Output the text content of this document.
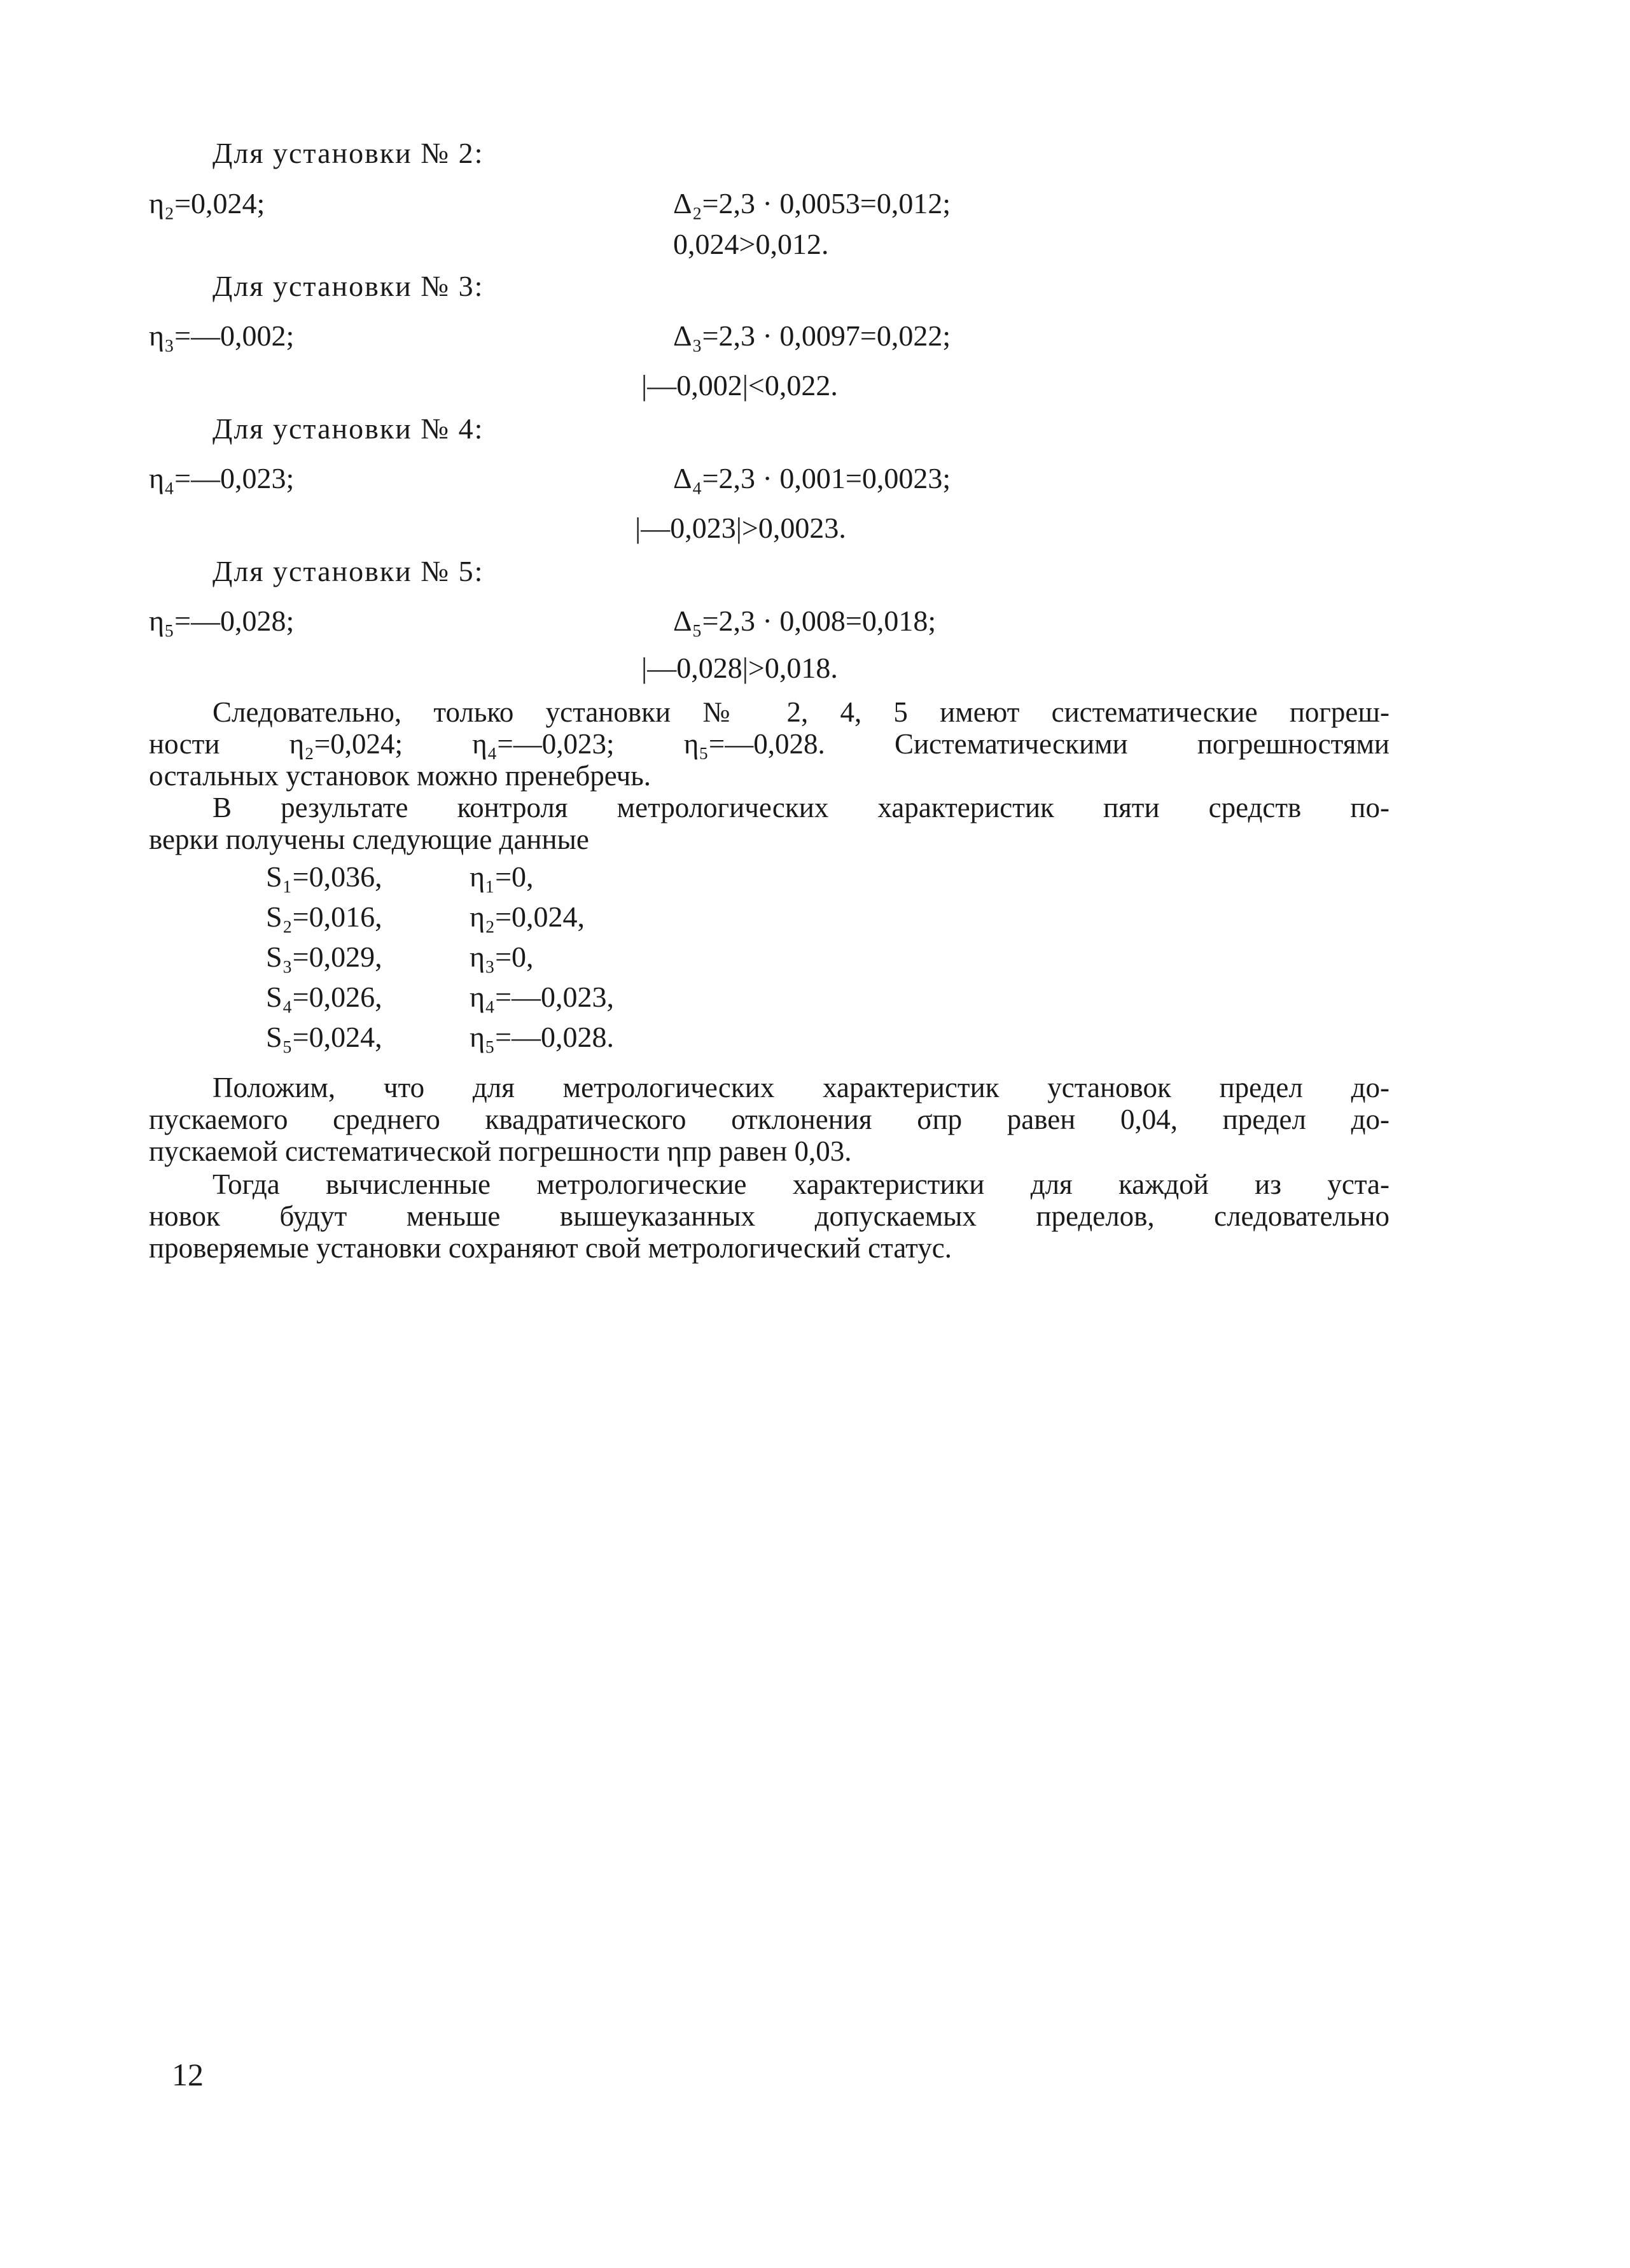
Для установки № 2:
η₂=0,024;	Δ₂=2,3 · 0,0053=0,012;
0,024>0,012.
Для установки № 3:
η₃=—0,002;	Δ₃=2,3 · 0,0097=0,022;
|—0,002|<0,022.
Для установки № 4:
η₄=—0,023;	Δ₄=2,3 · 0,001=0,0023;
|—0,023|>0,0023.
Для установки № 5:
η₅=—0,028;	Δ₅=2,3 · 0,008=0,018;
|—0,028|>0,018.
Следовательно, только установки № 2, 4, 5 имеют систематические погреш-
ности η₂=0,024; η₄=—0,023; η₅=—0,028. Систематическими погрешностями
остальных установок можно пренебречь.
В результате контроля метрологических характеристик пяти средств по-
верки получены следующие данные
S₁=0,036,	η₁=0,
S₂=0,016,	η₂=0,024,
S₃=0,029,	η₃=0,
S₄=0,026,	η₄=—0,023,
S₅=0,024,	η₅=—0,028.
Положим, что для метрологических характеристик установок предел до-
пускаемого среднего квадратического отклонения σпр равен 0,04, предел до-
пускаемой систематической погрешности ηпр равен 0,03.
Тогда вычисленные метрологические характеристики для каждой из уста-
новок будут меньше вышеуказанных допускаемых пределов, следовательно
проверяемые установки сохраняют свой метрологический статус.
12
